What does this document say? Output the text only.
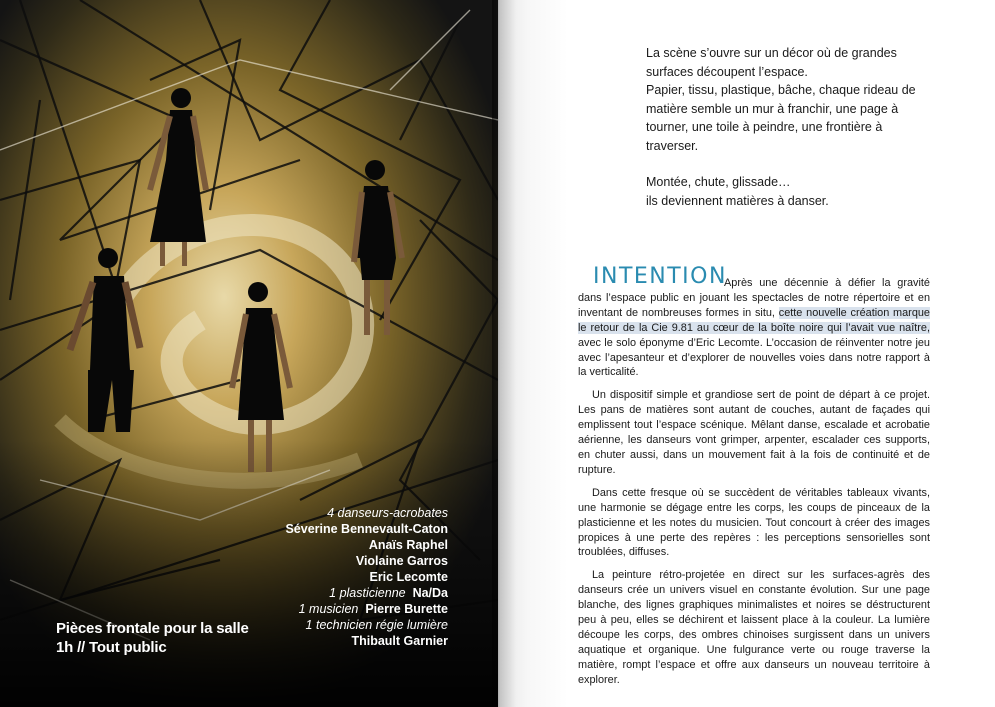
4 danseurs-acrobates
Séverine Bennevault-Caton
Anaïs Raphel
Violaine Garros
Eric Lecomte
1 plasticienne Na/Da
1 musicien Pierre Burette
1 technicien régie lumière
Thibault Garnier
Pièces frontale pour la salle
1h // Tout public

La scène s’ouvre sur un décor où de grandes surfaces découpent l’espace.

Papier, tissu, plastique, bâche, chaque rideau de matière semble un mur à franchir, une page à tourner, une toile à peindre, une frontière à traverser.

Montée, chute, glissade…

ils deviennent matières à danser.

INTENTION

Après une décennie à défier la gravité dans l’espace public en jouant les spectacles de notre répertoire et en inventant de nombreuses formes in situ, cette nouvelle création marque le retour de la Cie 9.81 au cœur de la boîte noire qui l’avait vue naître, avec le solo éponyme d’Eric Lecomte. L’occasion de réinventer notre jeu avec l’apesanteur et d’explorer de nouvelles voies dans notre rapport à la verticalité.

Un dispositif simple et grandiose sert de point de départ à ce projet. Les pans de matières sont autant de couches, autant de façades qui emplissent tout l’espace scénique. Mêlant danse, escalade et acrobatie aérienne, les danseurs vont grimper, arpenter, escalader ces supports, en chuter aussi, dans un mouvement fait à la fois de continuité et de rupture.

Dans cette fresque où se succèdent de véritables tableaux vivants, une harmonie se dégage entre les corps, les coups de pinceaux de la plasticienne et les notes du musicien. Tout concourt à créer des images propices à une perte des repères : les perceptions sensorielles sont troublées, diffuses.

La peinture rétro-projetée en direct sur les surfaces-agrès des danseurs crée un univers visuel en constante évolution. Sur une page blanche, des lignes graphiques minimalistes et noires se déstructurent peu à peu, elles se déchirent et laissent place à la couleur. La lumière découpe les corps, des ombres chinoises surgissent dans un univers aquatique et organique. Une fulgurance verte ou rouge traverse la matière, rompt l’espace et offre aux danseurs un nouveau territoire à explorer.
